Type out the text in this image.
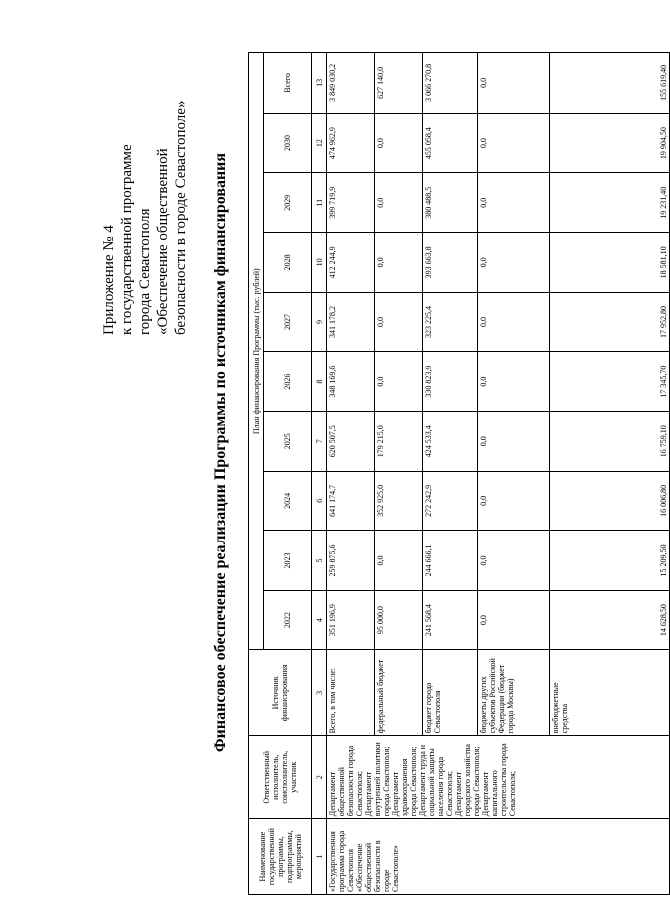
Приложение № 4 к государственной программе города Севастополя «Обеспечение общественной безопасности в городе Севастополе» Финансовое обеспечение реализации Программы по источникам финансирования
Наименование государственной программы, подпрограммы, мероприятий	Ответственный исполнитель, соисполнитель, участник	Источник финансирования	План финансирования Программы (тыс. рублей)									
			2022	2023	2024	2025	2026	2027	2028	2029	2030	Всего
1	2	3	4	5	6	7	8	9	10	11	12	13
«Государственная программа города Севастополя «Обеспечение общественной безопасности в городе Севастополе»	Департамент общественной безопасности города Севастополя; Департамент внутренней политики города Севастополя; Департамент здравоохранения города Севастополя; Департамент труда и социальной защиты населения города Севастополя; Департамент городского хозяйства города Севастополя; Департамент капитального строительства города Севастополя;	Всего, в том числе:	351 196,9	259 875,6	641 174,7	620 507,5	348 169,6	341 178,2	412 244,9	399 719,9	474 962,9	3 849 030,2
		федеральный бюджет	95 000,0	0,0	352 925,0	179 215,0	0,0	0,0	0,0	0,0	0,0	627 140,0
		бюджет города Севастополя	241 568,4	244 666,1	272 242,9	424 533,4	330 823,9	323 225,4	393 663,8	380 488,5	455 058,4	3 066 270,8
		бюджеты других субъектов Российской Федерации (бюджет города Москвы)	0,0	0,0	0,0	0,0	0,0	0,0	0,0	0,0	0,0	0,0
		внебюджетные средства	14 628,50	15 209,50	16 006,80	16 759,10	17 345,70	17 952,80	18 581,10	19 231,40	19 904,50	155 619,40
